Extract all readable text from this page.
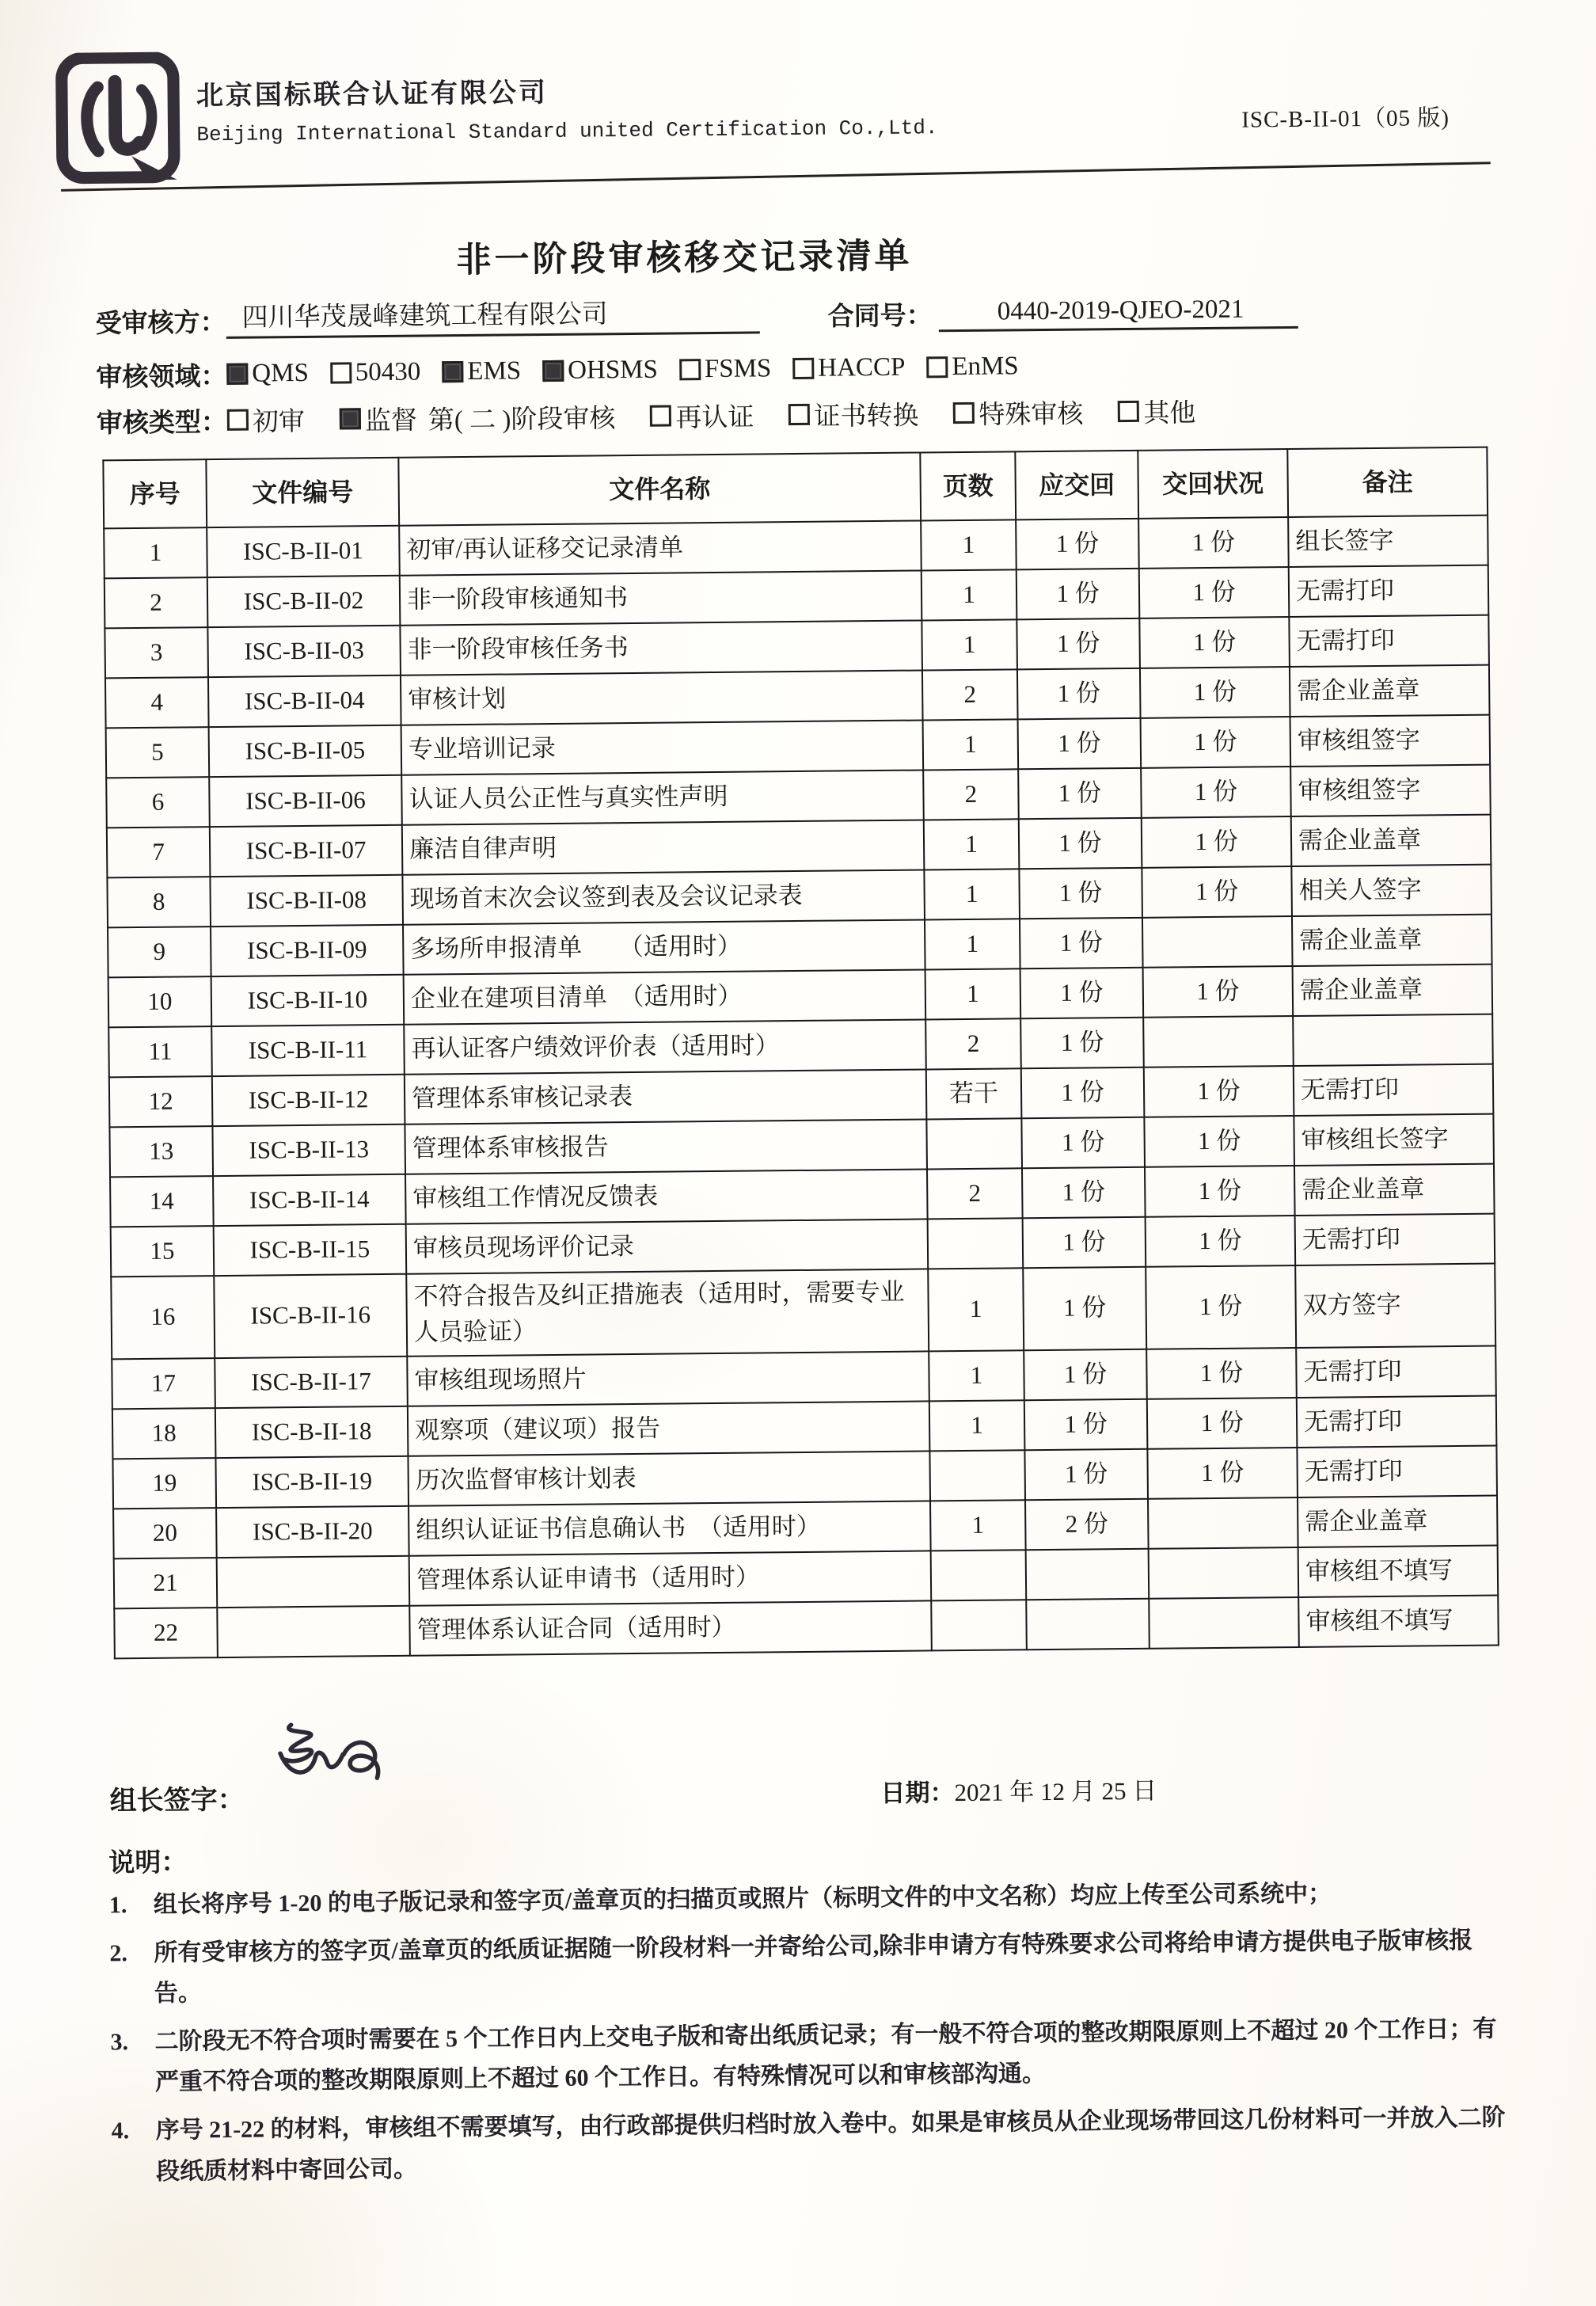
北京国标联合认证有限公司
Beijing International Standard united Certification Co.,Ltd.	ISC-B-II-01（05 版)
非一阶段审核移交记录清单
受审核方： 四川华茂晟峰建筑工程有限公司	合同号： 0440-2019-QJEO-2021
审核领域： QMS 50430 EMS OHSMS FSMS HACCP EnMS
审核类型： 初审 监督 第( 二 )阶段审核 再认证 证书转换 特殊审核 其他
序号	文件编号	文件名称	页数	应交回	交回状况	备注
1	ISC-B-II-01	初审/再认证移交记录清单	1	1 份	1 份	组长签字
2	ISC-B-II-02	非一阶段审核通知书	1	1 份	1 份	无需打印
3	ISC-B-II-03	非一阶段审核任务书	1	1 份	1 份	无需打印
4	ISC-B-II-04	审核计划	2	1 份	1 份	需企业盖章
5	ISC-B-II-05	专业培训记录	1	1 份	1 份	审核组签字
6	ISC-B-II-06	认证人员公正性与真实性声明	2	1 份	1 份	审核组签字
7	ISC-B-II-07	廉洁自律声明	1	1 份	1 份	需企业盖章
8	ISC-B-II-08	现场首末次会议签到表及会议记录表	1	1 份	1 份	相关人签字
9	ISC-B-II-09	多场所申报清单　　（适用时）	1	1 份		需企业盖章
10	ISC-B-II-10	企业在建项目清单　（适用时）	1	1 份	1 份	需企业盖章
11	ISC-B-II-11	再认证客户绩效评价表（适用时）	2	1 份		
12	ISC-B-II-12	管理体系审核记录表	若干	1 份	1 份	无需打印
13	ISC-B-II-13	管理体系审核报告		1 份	1 份	审核组长签字
14	ISC-B-II-14	审核组工作情况反馈表	2	1 份	1 份	需企业盖章
15	ISC-B-II-15	审核员现场评价记录		1 份	1 份	无需打印
16	ISC-B-II-16	不符合报告及纠正措施表（适用时，需要专业人员验证）	1	1 份	1 份	双方签字
17	ISC-B-II-17	审核组现场照片	1	1 份	1 份	无需打印
18	ISC-B-II-18	观察项（建议项）报告	1	1 份	1 份	无需打印
19	ISC-B-II-19	历次监督审核计划表		1 份	1 份	无需打印
20	ISC-B-II-20	组织认证证书信息确认书　（适用时）	1	2 份		需企业盖章
21		管理体系认证申请书（适用时）				审核组不填写
22		管理体系认证合同（适用时）				审核组不填写
组长签字：	日期：2021 年 12 月 25 日
说明：
1.	组长将序号 1-20 的电子版记录和签字页/盖章页的扫描页或照片（标明文件的中文名称）均应上传至公司系统中；
2.	所有受审核方的签字页/盖章页的纸质证据随一阶段材料一并寄给公司,除非申请方有特殊要求公司将给申请方提供电子版审核报告。
3.	二阶段无不符合项时需要在 5 个工作日内上交电子版和寄出纸质记录；有一般不符合项的整改期限原则上不超过 20 个工作日；有严重不符合项的整改期限原则上不超过 60 个工作日。有特殊情况可以和审核部沟通。
4.	序号 21-22 的材料，审核组不需要填写，由行政部提供归档时放入卷中。如果是审核员从企业现场带回这几份材料可一并放入二阶段纸质材料中寄回公司。
